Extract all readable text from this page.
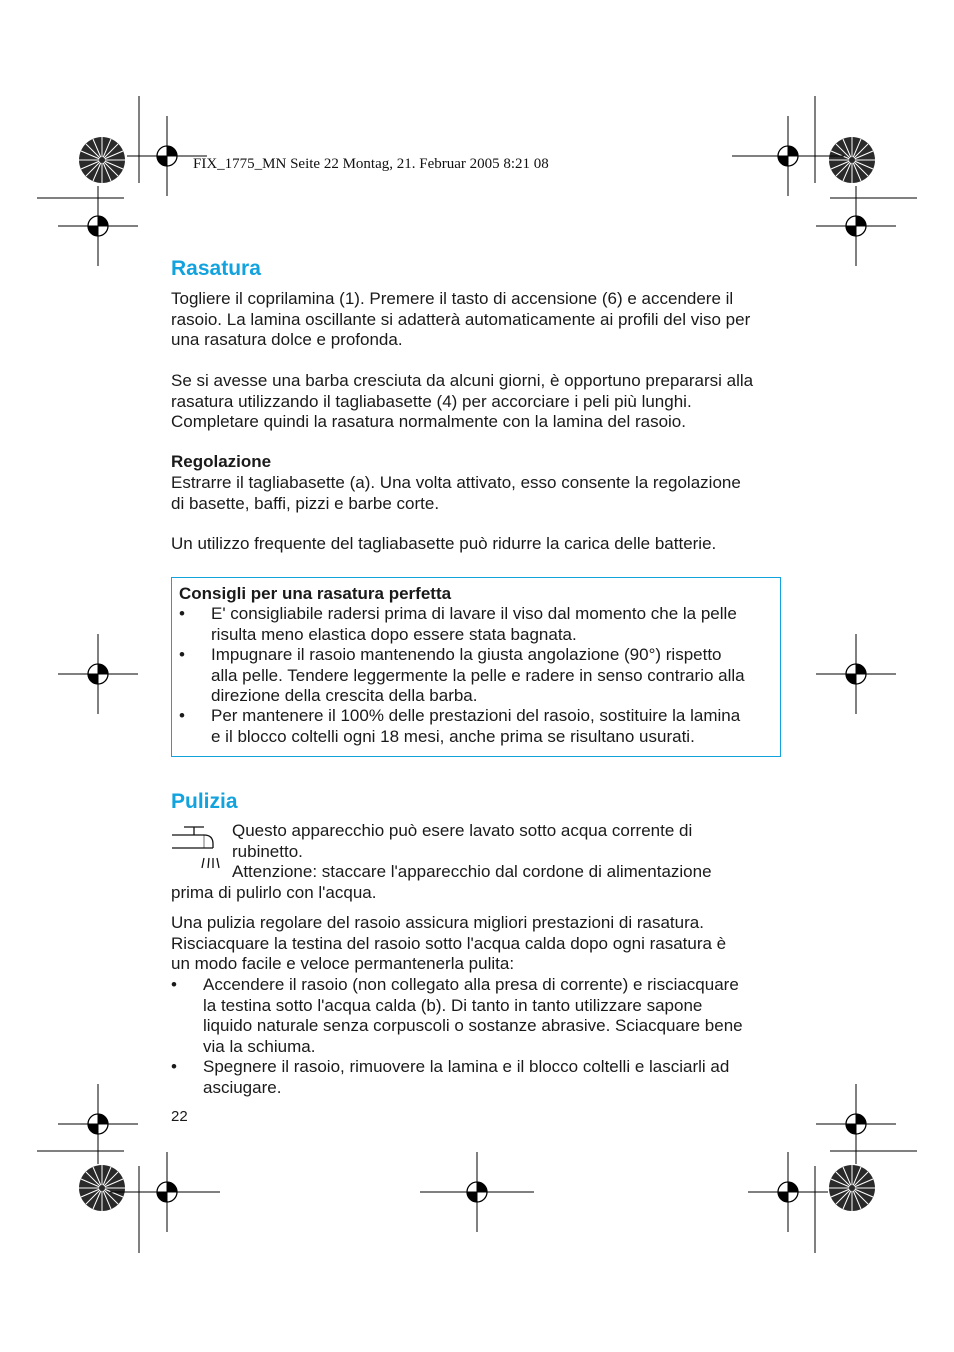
FIX_1775_MN Seite 22 Montag, 21. Februar 2005 8:21 08
Rasatura

Togliere il coprilamina (1). Premere il tasto di accensione (6) e accendere il

rasoio. La lamina oscillante si adatterà automaticamente ai profili del viso per

una rasatura dolce e profonda.

Se si avesse una barba cresciuta da alcuni giorni, è opportuno prepararsi alla

rasatura utilizzando il tagliabasette (4) per accorciare i peli più lunghi.

Completare quindi la rasatura normalmente con la lamina del rasoio.

Regolazione

Estrarre il tagliabasette (a). Una volta attivato, esso consente la regolazione

di basette, baffi, pizzi e barbe corte.

Un utilizzo frequente del tagliabasette può ridurre la carica delle batterie.
Consigli per una rasatura perfetta
• E' consigliabile radersi prima di lavare il viso dal momento che la pelle
risulta meno elastica dopo essere stata bagnata.
• Impugnare il rasoio mantenendo la giusta angolazione (90°) rispetto
alla pelle. Tendere leggermente la pelle e radere in senso contrario alla
direzione della crescita della barba.
• Per mantenere il 100% delle prestazioni del rasoio, sostituire la lamina
e il blocco coltelli ogni 18 mesi, anche prima se risultano usurati.
Pulizia

Questo apparecchio può esere lavato sotto acqua corrente di

rubinetto.

Attenzione: staccare l'apparecchio dal cordone di alimentazione

prima di pulirlo con l'acqua.

Una pulizia regolare del rasoio assicura migliori prestazioni di rasatura.

Risciacquare la testina del rasoio sotto l'acqua calda dopo ogni rasatura è

un modo facile e veloce permantenerla pulita:

• Accendere il rasoio (non collegato alla presa di corrente) e risciacquare
la testina sotto l'acqua calda (b). Di tanto in tanto utilizzare sapone
liquido naturale senza corpuscoli o sostanze abrasive. Sciacquare bene
via la schiuma.
• Spegnere il rasoio, rimuovere la lamina e il blocco coltelli e lasciarli ad
asciugare.
22
